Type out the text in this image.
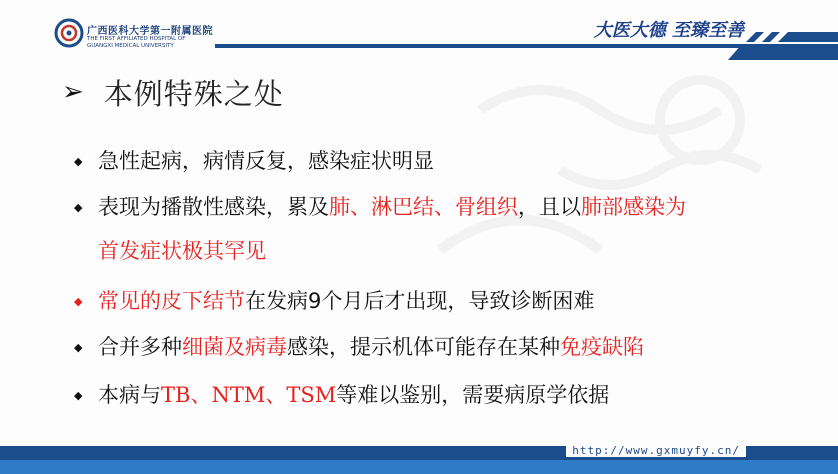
广西医科大学第一附属医院
THE FIRST AFFILIATED HOSPITAL OF
GUANGXI MEDICAL UNIVERSITY
大医大德 至臻至善
➢ 本例特殊之处
◆ 急性起病，病情反复，感染症状明显
◆ 表现为播散性感染，累及肺、淋巴结、骨组织，且以肺部感染为
首发症状极其罕见
◆ 常见的皮下结节在发病9个月后才出现，导致诊断困难
◆ 合并多种细菌及病毒感染，提示机体可能存在某种免疫缺陷
◆ 本病与TB、NTM、TSM等难以鉴别，需要病原学依据
http://www.gxmuyfy.cn/
